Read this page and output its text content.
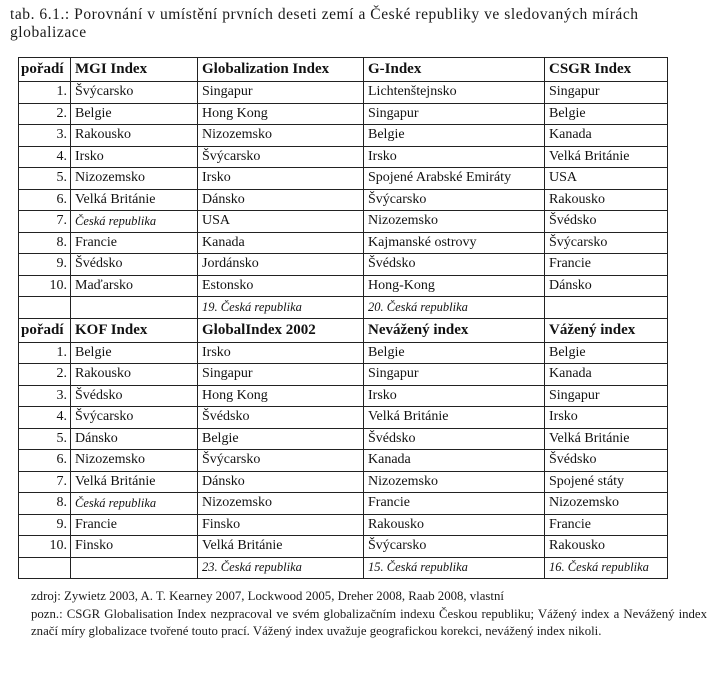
tab. 6.1.: Porovnání v umístění prvních deseti zemí a České republiky ve sledovaných mírách globalizace
pořadí	MGI Index	Globalization Index	G-Index	CSGR Index
1.	Švýcarsko	Singapur	Lichtenštejnsko	Singapur
2.	Belgie	Hong Kong	Singapur	Belgie
3.	Rakousko	Nizozemsko	Belgie	Kanada
4.	Irsko	Švýcarsko	Irsko	Velká Británie
5.	Nizozemsko	Irsko	Spojené Arabské Emiráty	USA
6.	Velká Británie	Dánsko	Švýcarsko	Rakousko
7.	Česká republika	USA	Nizozemsko	Švédsko
8.	Francie	Kanada	Kajmanské ostrovy	Švýcarsko
9.	Švédsko	Jordánsko	Švédsko	Francie
10.	Maďarsko	Estonsko	Hong-Kong	Dánsko
		19. Česká republika	20. Česká republika	
pořadí	KOF Index	GlobalIndex 2002	Nevážený index	Vážený index
1.	Belgie	Irsko	Belgie	Belgie
2.	Rakousko	Singapur	Singapur	Kanada
3.	Švédsko	Hong Kong	Irsko	Singapur
4.	Švýcarsko	Švédsko	Velká Británie	Irsko
5.	Dánsko	Belgie	Švédsko	Velká Británie
6.	Nizozemsko	Švýcarsko	Kanada	Švédsko
7.	Velká Británie	Dánsko	Nizozemsko	Spojené státy
8.	Česká republika	Nizozemsko	Francie	Nizozemsko
9.	Francie	Finsko	Rakousko	Francie
10.	Finsko	Velká Británie	Švýcarsko	Rakousko
		23. Česká republika	15. Česká republika	16. Česká republika

zdroj: Zywietz 2003, A. T. Kearney 2007, Lockwood 2005, Dreher 2008, Raab 2008, vlastní

pozn.: CSGR Globalisation Index nezpracoval ve svém globalizačním indexu Českou republiku; Vážený index a Nevážený index značí míry globalizace tvořené touto prací. Vážený index uvažuje geografickou korekci, nevážený index nikoli.
